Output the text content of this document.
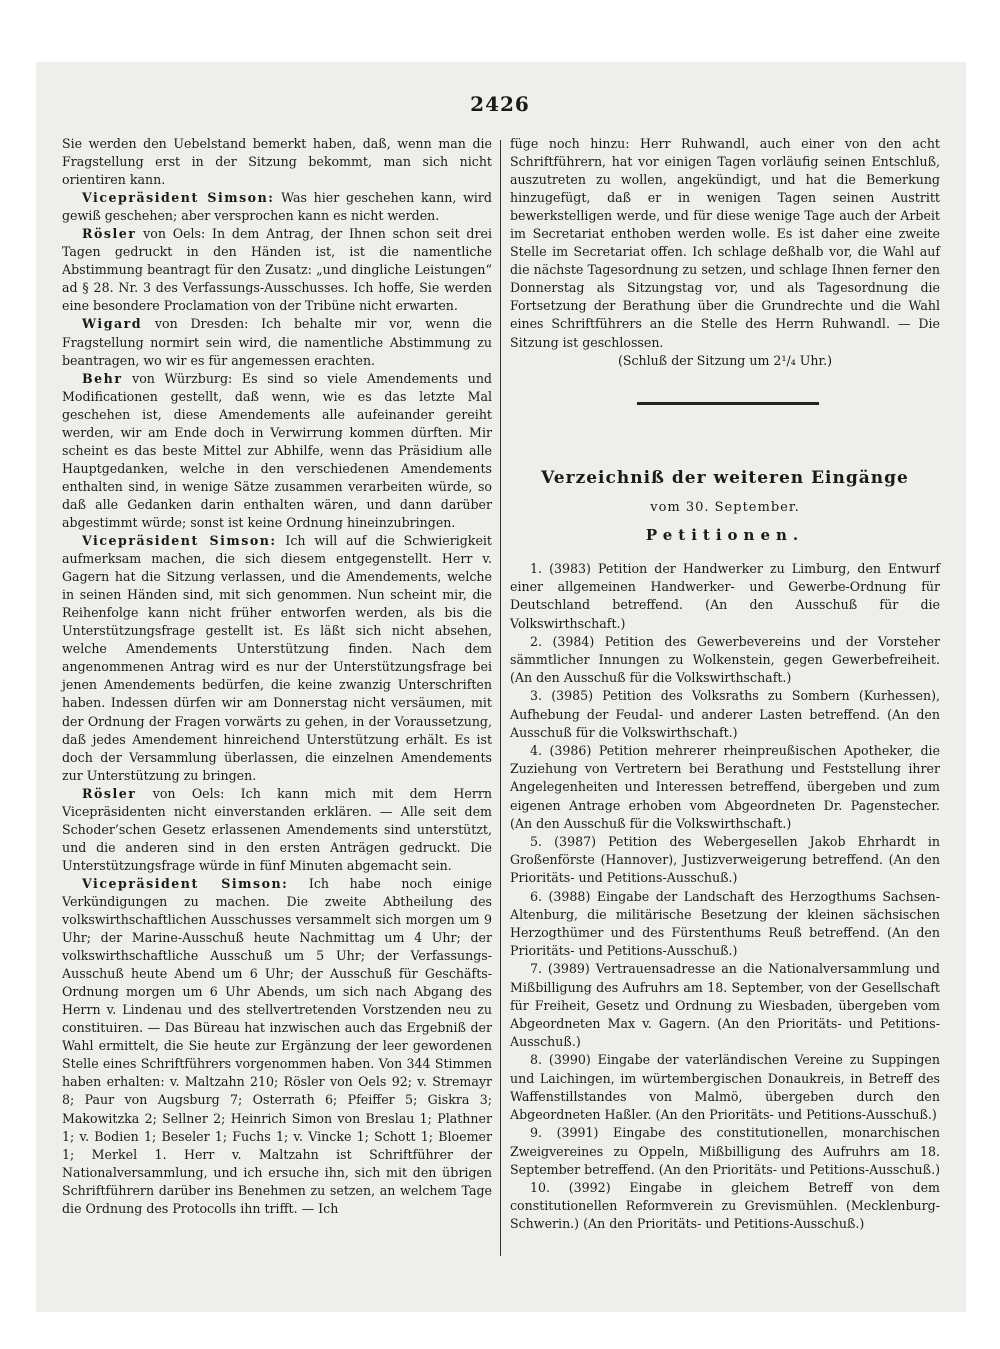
2426

Sie werden den Uebelstand bemerkt haben, daß, wenn man die Fragstellung erst in der Sitzung bekommt, man sich nicht orientiren kann.

Vicepräsident Simson: Was hier geschehen kann, wird gewiß geschehen; aber versprochen kann es nicht werden.

Rösler von Oels: In dem Antrag, der Ihnen schon seit drei Tagen gedruckt in den Händen ist, ist die namentliche Abstimmung beantragt für den Zusatz: „und dingliche Leistungen“ ad § 28. Nr. 3 des Verfassungs-Ausschusses. Ich hoffe, Sie werden eine besondere Proclamation von der Tribüne nicht erwarten.

Wigard von Dresden: Ich behalte mir vor, wenn die Fragstellung normirt sein wird, die namentliche Abstimmung zu beantragen, wo wir es für angemessen erachten.

Behr von Würzburg: Es sind so viele Amendements und Modificationen gestellt, daß wenn, wie es das letzte Mal geschehen ist, diese Amendements alle aufeinander gereiht werden, wir am Ende doch in Verwirrung kommen dürften. Mir scheint es das beste Mittel zur Abhilfe, wenn das Präsidium alle Hauptgedanken, welche in den verschiedenen Amendements enthalten sind, in wenige Sätze zusammen verarbeiten würde, so daß alle Gedanken darin enthalten wären, und dann darüber abgestimmt würde; sonst ist keine Ordnung hineinzubringen.

Vicepräsident Simson: Ich will auf die Schwierigkeit aufmerksam machen, die sich diesem entgegenstellt. Herr v. Gagern hat die Sitzung verlassen, und die Amendements, welche in seinen Händen sind, mit sich genommen. Nun scheint mir, die Reihenfolge kann nicht früher entworfen werden, als bis die Unterstützungsfrage gestellt ist. Es läßt sich nicht absehen, welche Amendements Unterstützung finden. Nach dem angenommenen Antrag wird es nur der Unterstützungsfrage bei jenen Amendements bedürfen, die keine zwanzig Unterschriften haben. Indessen dürfen wir am Donnerstag nicht versäumen, mit der Ordnung der Fragen vorwärts zu gehen, in der Voraussetzung, daß jedes Amendement hinreichend Unterstützung erhält. Es ist doch der Versammlung überlassen, die einzelnen Amendements zur Unterstützung zu bringen.

Rösler von Oels: Ich kann mich mit dem Herrn Vicepräsidenten nicht einverstanden erklären. — Alle seit dem Schoder’schen Gesetz erlassenen Amendements sind unterstützt, und die anderen sind in den ersten Anträgen gedruckt. Die Unterstützungsfrage würde in fünf Minuten abgemacht sein.

Vicepräsident Simson: Ich habe noch einige Verkündigungen zu machen. Die zweite Abtheilung des volkswirthschaftlichen Ausschusses versammelt sich morgen um 9 Uhr; der Marine-Ausschuß heute Nachmittag um 4 Uhr; der volkswirthschaftliche Ausschuß um 5 Uhr; der Verfassungs-Ausschuß heute Abend um 6 Uhr; der Ausschuß für Geschäfts-Ordnung morgen um 6 Uhr Abends, um sich nach Abgang des Herrn v. Lindenau und des stellvertretenden Vorstzenden neu zu constituiren. — Das Büreau hat inzwischen auch das Ergebniß der Wahl ermittelt, die Sie heute zur Ergänzung der leer gewordenen Stelle eines Schriftführers vorgenommen haben. Von 344 Stimmen haben erhalten: v. Maltzahn 210; Rösler von Oels 92; v. Stremayr 8; Paur von Augsburg 7; Osterrath 6; Pfeiffer 5; Giskra 3; Makowitzka 2; Sellner 2; Heinrich Simon von Breslau 1; Plathner 1; v. Bodien 1; Beseler 1; Fuchs 1; v. Vincke 1; Schott 1; Bloemer 1; Merkel 1. Herr v. Maltzahn ist Schriftführer der Nationalversammlung, und ich ersuche ihn, sich mit den übrigen Schriftführern darüber ins Benehmen zu setzen, an welchem Tage die Ordnung des Protocolls ihn trifft. — Ich

füge noch hinzu: Herr Ruhwandl, auch einer von den acht Schriftführern, hat vor einigen Tagen vorläufig seinen Entschluß, auszutreten zu wollen, angekündigt, und hat die Bemerkung hinzugefügt, daß er in wenigen Tagen seinen Austritt bewerkstelligen werde, und für diese wenige Tage auch der Arbeit im Secretariat enthoben werden wolle. Es ist daher eine zweite Stelle im Secretariat offen. Ich schlage deßhalb vor, die Wahl auf die nächste Tagesordnung zu setzen, und schlage Ihnen ferner den Donnerstag als Sitzungstag vor, und als Tagesordnung die Fortsetzung der Berathung über die Grundrechte und die Wahl eines Schriftführers an die Stelle des Herrn Ruhwandl. — Die Sitzung ist geschlossen.

(Schluß der Sitzung um 2¹/₄ Uhr.)

Verzeichniß der weiteren Eingänge
vom 30. September.
Petitionen.

1. (3983) Petition der Handwerker zu Limburg, den Entwurf einer allgemeinen Handwerker- und Gewerbe-Ordnung für Deutschland betreffend. (An den Ausschuß für die Volkswirthschaft.)

2. (3984) Petition des Gewerbevereins und der Vorsteher sämmtlicher Innungen zu Wolkenstein, gegen Gewerbefreiheit. (An den Ausschuß für die Volkswirthschaft.)

3. (3985) Petition des Volksraths zu Sombern (Kurhessen), Aufhebung der Feudal- und anderer Lasten betreffend. (An den Ausschuß für die Volkswirthschaft.)

4. (3986) Petition mehrerer rheinpreußischen Apotheker, die Zuziehung von Vertretern bei Berathung und Feststellung ihrer Angelegenheiten und Interessen betreffend, übergeben und zum eigenen Antrage erhoben vom Abgeordneten Dr. Pagenstecher. (An den Ausschuß für die Volkswirthschaft.)

5. (3987) Petition des Webergesellen Jakob Ehrhardt in Großenförste (Hannover), Justizverweigerung betreffend. (An den Prioritäts- und Petitions-Ausschuß.)

6. (3988) Eingabe der Landschaft des Herzogthums Sachsen-Altenburg, die militärische Besetzung der kleinen sächsischen Herzogthümer und des Fürstenthums Reuß betreffend. (An den Prioritäts- und Petitions-Ausschuß.)

7. (3989) Vertrauensadresse an die Nationalversammlung und Mißbilligung des Aufruhrs am 18. September, von der Gesellschaft für Freiheit, Gesetz und Ordnung zu Wiesbaden, übergeben vom Abgeordneten Max v. Gagern. (An den Prioritäts- und Petitions-Ausschuß.)

8. (3990) Eingabe der vaterländischen Vereine zu Suppingen und Laichingen, im würtembergischen Donaukreis, in Betreff des Waffenstillstandes von Malmö, übergeben durch den Abgeordneten Haßler. (An den Prioritäts- und Petitions-Ausschuß.)

9. (3991) Eingabe des constitutionellen, monarchischen Zweigvereines zu Oppeln, Mißbilligung des Aufruhrs am 18. September betreffend. (An den Prioritäts- und Petitions-Ausschuß.)

10. (3992) Eingabe in gleichem Betreff von dem constitutionellen Reformverein zu Grevismühlen. (Mecklenburg-Schwerin.) (An den Prioritäts- und Petitions-Ausschuß.)
